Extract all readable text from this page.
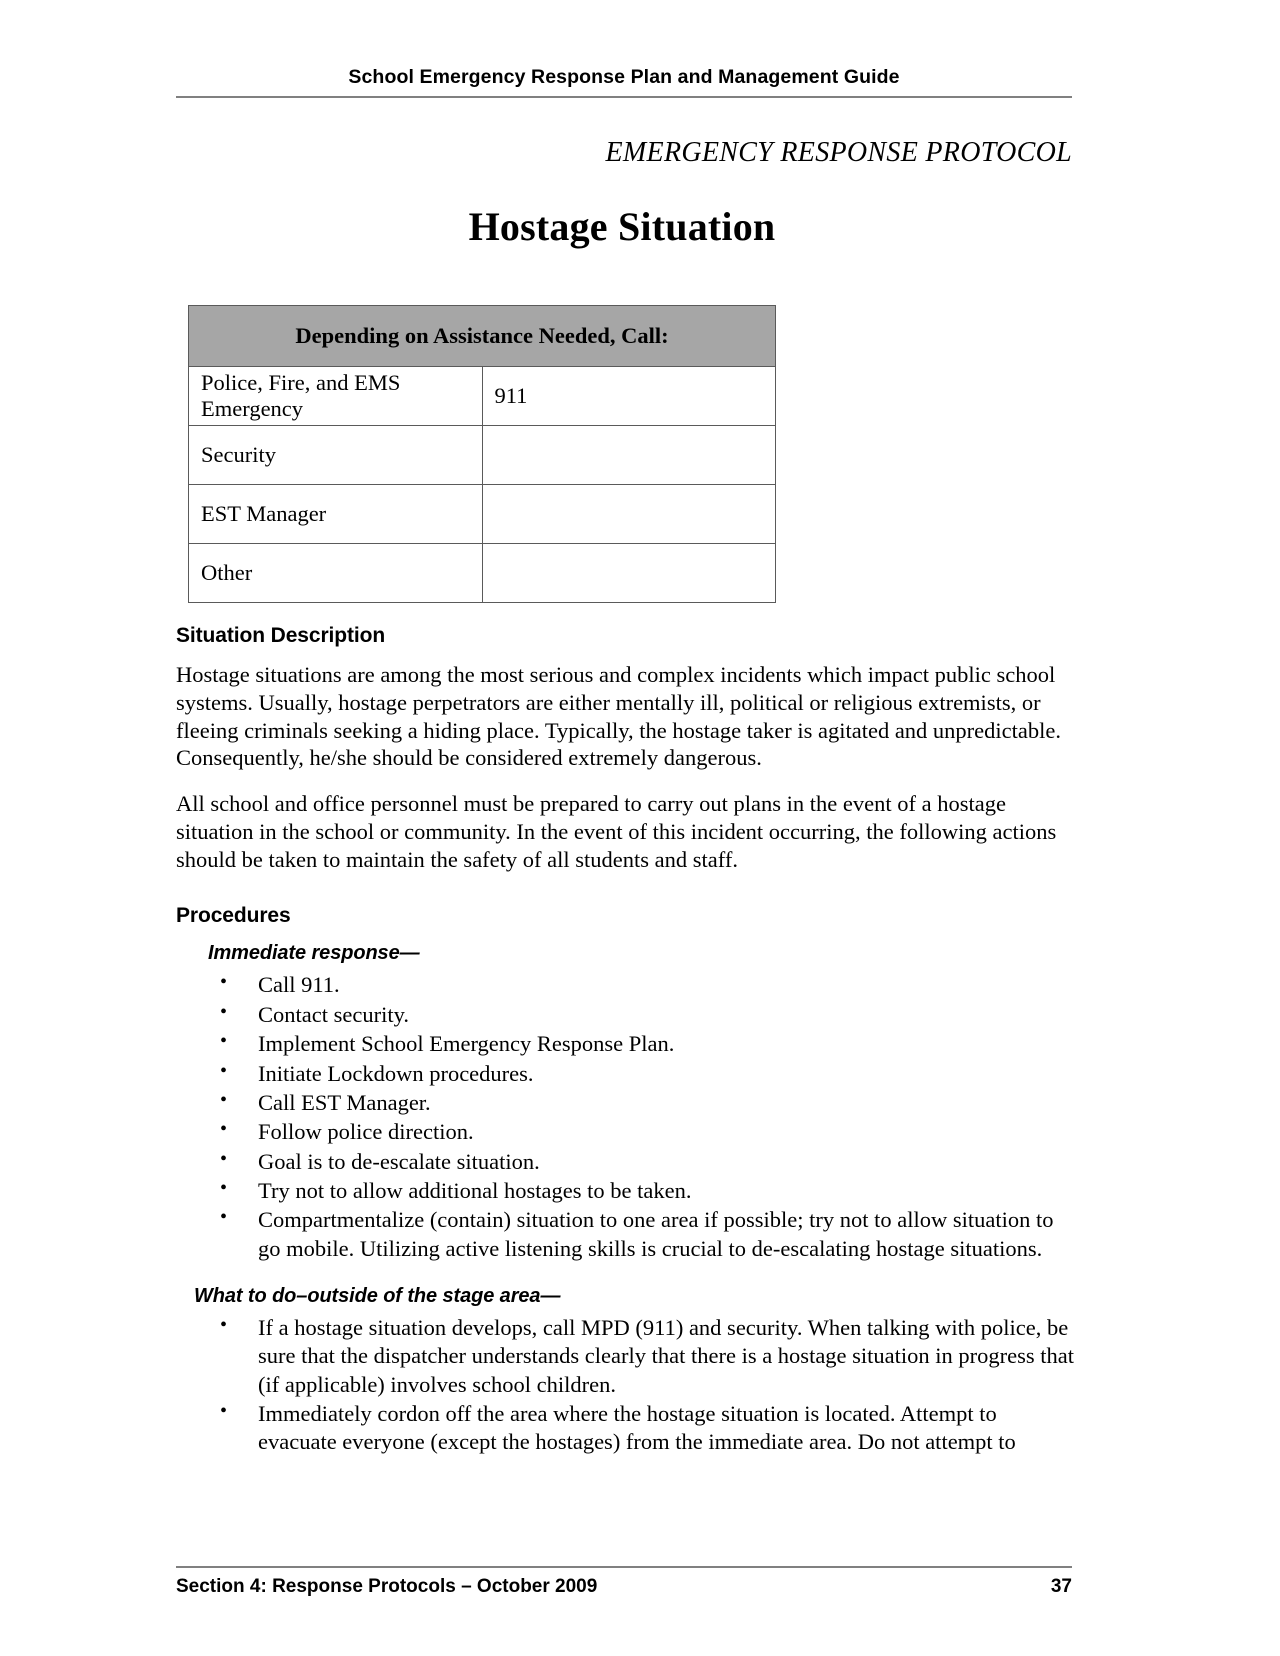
School Emergency Response Plan and Management Guide
EMERGENCY RESPONSE PROTOCOL
Hostage Situation
Depending on Assistance Needed, Call:	
Police, Fire, and EMS Emergency	911
Security	
EST Manager	
Other	
Situation Description

Hostage situations are among the most serious and complex incidents which impact public school systems. Usually, hostage perpetrators are either mentally ill, political or religious extremists, or fleeing criminals seeking a hiding place. Typically, the hostage taker is agitated and unpredictable. Consequently, he/she should be considered extremely dangerous.

All school and office personnel must be prepared to carry out plans in the event of a hostage situation in the school or community. In the event of this incident occurring, the following actions should be taken to maintain the safety of all students and staff.

Procedures
Immediate response—
• Call 911.
• Contact security.
• Implement School Emergency Response Plan.
• Initiate Lockdown procedures.
• Call EST Manager.
• Follow police direction.
• Goal is to de-escalate situation.
• Try not to allow additional hostages to be taken.
• Compartmentalize (contain) situation to one area if possible; try not to allow situation to go mobile. Utilizing active listening skills is crucial to de-escalating hostage situations.
What to do–outside of the stage area—
• If a hostage situation develops, call MPD (911) and security. When talking with police, be sure that the dispatcher understands clearly that there is a hostage situation in progress that (if applicable) involves school children.
• Immediately cordon off the area where the hostage situation is located. Attempt to evacuate everyone (except the hostages) from the immediate area. Do not attempt to
Section 4: Response Protocols – October 2009	37
